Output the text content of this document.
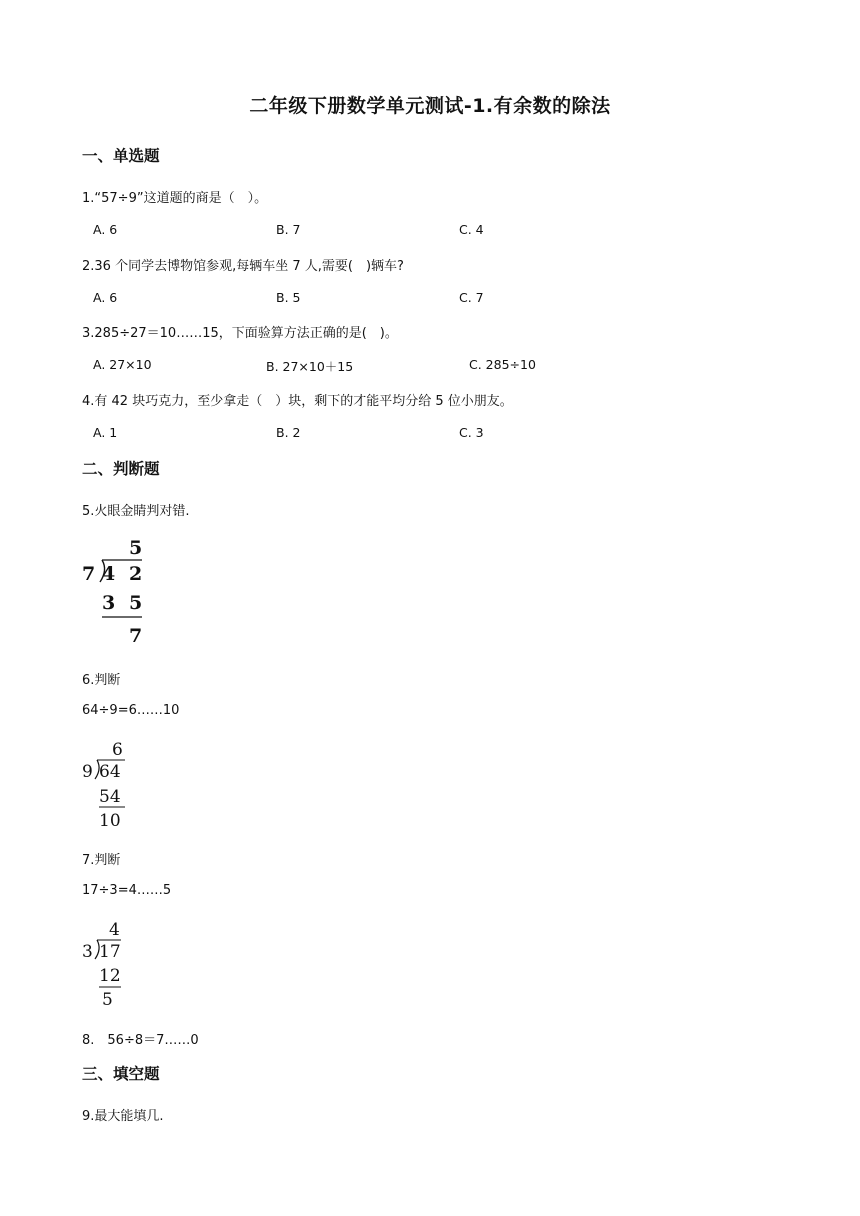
二年级下册数学单元测试-1.有余数的除法
一、单选题
1.“57÷9”这道题的商是（　）。
A. 6	B. 7	C. 4
2.36 个同学去博物馆参观,每辆车坐 7 人,需要(　)辆车?
A. 6	B. 5	C. 7
3.285÷27＝10……15，下面验算方法正确的是(　)。
A. 27×10	B. 27×10＋15	C. 285÷10
4.有 42 块巧克力，至少拿走（　）块，剩下的才能平均分给 5 位小朋友。
A. 1	B. 2	C. 3
二、判断题
5.火眼金睛判对错.
5
7 4 2
3 5
7
6.判断
64÷9=6……10
6
9 64
54
10
7.判断
17÷3=4……5
4
3 17
12
5
8.　56÷8＝7……0
三、填空题
9.最大能填几.
